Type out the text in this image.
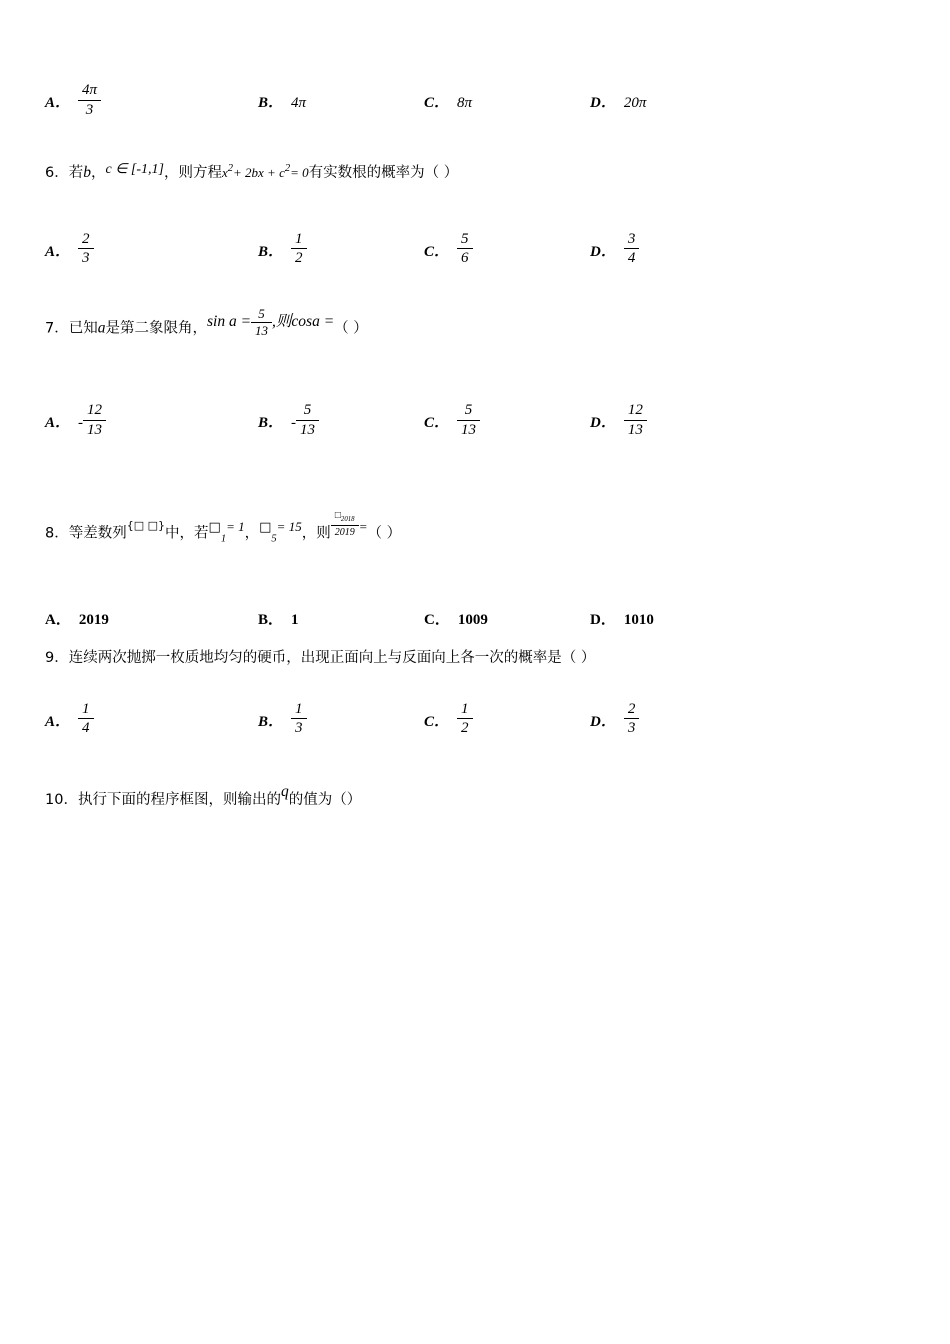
A． $\frac{4\pi}{3}$	B． 4π	C． 8π	D． 20π
6．若b，c ∈ [-1,1]，则方程$x^2+ 2bx + c^2= 0$有实数根的概率为（ ）
A． $\frac{2}{3}$	B． $\frac{1}{2}$	C． $\frac{5}{6}$	D． $\frac{3}{4}$
7．已知a是第二象限角，$\sin a = \frac{5}{13}$ ,则cosa =（ ）
A． - $\frac{12}{13}$	B． - $\frac{5}{13}$	C． $\frac{5}{13}$	D． $\frac{12}{13}$
8．等差数列{□ □}中，若$□_1= 1$，$□_5= 15$，则 $\frac{□_{2018}}{2019}$ =（ ）
A． 2019	B． 1	C． 1009	D． 1010
9．连续两次抛掷一枚质地均匀的硬币，出现正面向上与反面向上各一次的概率是（ ）
A． $\frac{1}{4}$	B． $\frac{1}{3}$	C． $\frac{1}{2}$	D． $\frac{2}{3}$
10．执行下面的程序框图，则输出的q的值为（）
